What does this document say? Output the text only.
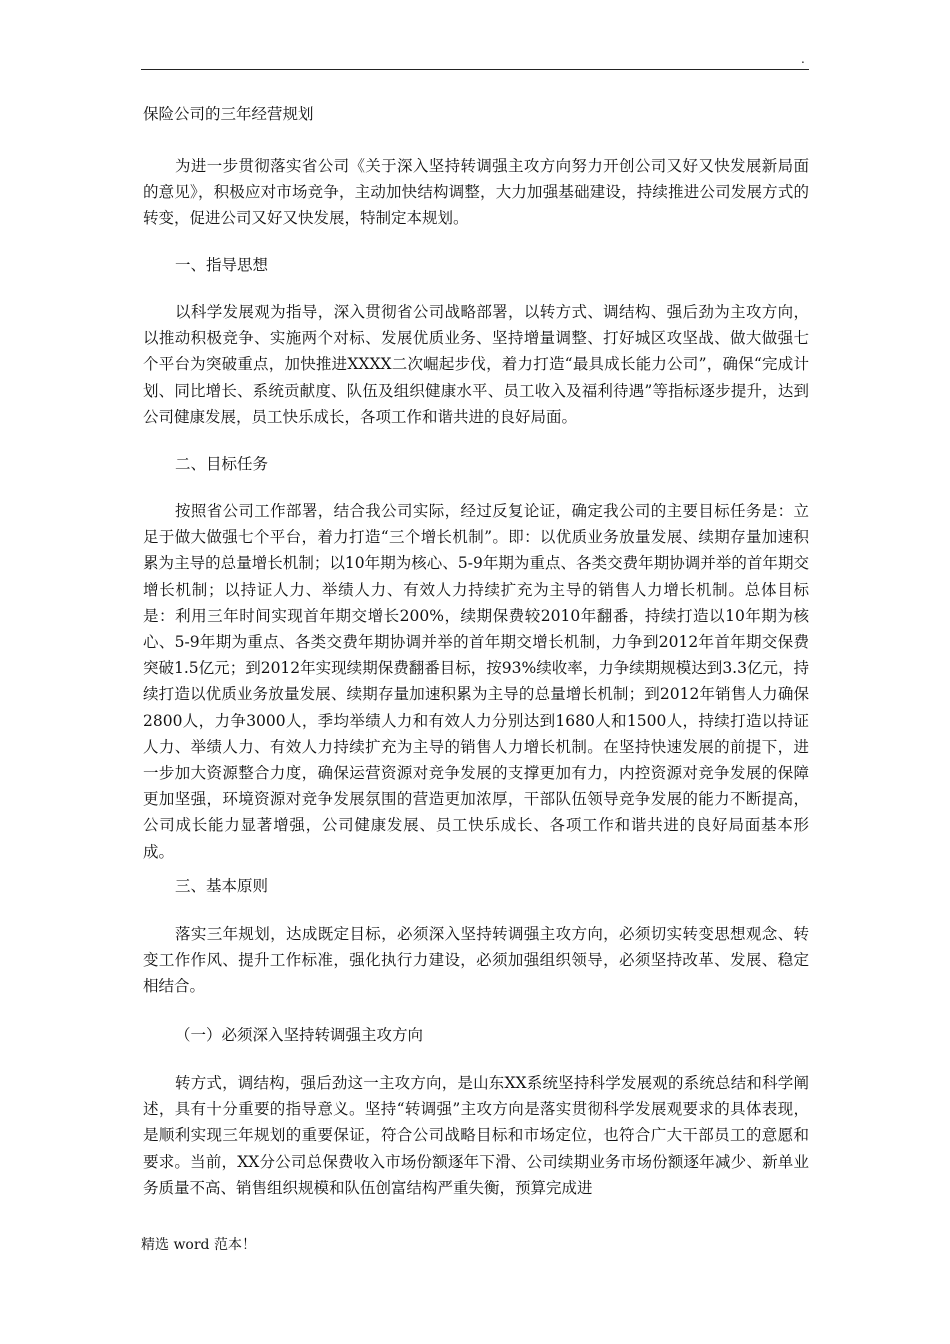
.
保险公司的三年经营规划

为进一步贯彻落实省公司《关于深入坚持转调强主攻方向努力开创公司又好又快发展新局面的意见》，积极应对市场竞争，主动加快结构调整，大力加强基础建设，持续推进公司发展方式的转变，促进公司又好又快发展，特制定本规划。

一、指导思想

以科学发展观为指导，深入贯彻省公司战略部署，以转方式、调结构、强后劲为主攻方向，以推动积极竞争、实施两个对标、发展优质业务、坚持增量调整、打好城区攻坚战、做大做强七个平台为突破重点，加快推进XXXX二次崛起步伐，着力打造“最具成长能力公司”，确保“完成计划、同比增长、系统贡献度、队伍及组织健康水平、员工收入及福利待遇”等指标逐步提升，达到公司健康发展，员工快乐成长，各项工作和谐共进的良好局面。

二、目标任务

按照省公司工作部署，结合我公司实际，经过反复论证，确定我公司的主要目标任务是：立足于做大做强七个平台，着力打造“三个增长机制”。即：以优质业务放量发展、续期存量加速积累为主导的总量增长机制；以10年期为核心、5-9年期为重点、各类交费年期协调并举的首年期交增长机制；以持证人力、举绩人力、有效人力持续扩充为主导的销售人力增长机制。总体目标是：利用三年时间实现首年期交增长200%，续期保费较2010年翻番，持续打造以10年期为核心、5-9年期为重点、各类交费年期协调并举的首年期交增长机制，力争到2012年首年期交保费突破1.5亿元；到2012年实现续期保费翻番目标，按93%续收率，力争续期规模达到3.3亿元，持续打造以优质业务放量发展、续期存量加速积累为主导的总量增长机制；到2012年销售人力确保2800人，力争3000人，季均举绩人力和有效人力分别达到1680人和1500人，持续打造以持证人力、举绩人力、有效人力持续扩充为主导的销售人力增长机制。在坚持快速发展的前提下，进一步加大资源整合力度，确保运营资源对竞争发展的支撑更加有力，内控资源对竞争发展的保障更加坚强，环境资源对竞争发展氛围的营造更加浓厚，干部队伍领导竞争发展的能力不断提高，公司成长能力显著增强，公司健康发展、员工快乐成长、各项工作和谐共进的良好局面基本形成。

三、基本原则

落实三年规划，达成既定目标，必须深入坚持转调强主攻方向，必须切实转变思想观念、转变工作作风、提升工作标准，强化执行力建设，必须加强组织领导，必须坚持改革、发展、稳定相结合。

（一）必须深入坚持转调强主攻方向

转方式，调结构，强后劲这一主攻方向，是山东XX系统坚持科学发展观的系统总结和科学阐述，具有十分重要的指导意义。坚持“转调强”主攻方向是落实贯彻科学发展观要求的具体表现，是顺利实现三年规划的重要保证，符合公司战略目标和市场定位，也符合广大干部员工的意愿和要求。当前，XX分公司总保费收入市场份额逐年下滑、公司续期业务市场份额逐年减少、新单业务质量不高、销售组织规模和队伍创富结构严重失衡，预算完成进

精选 word 范本！
